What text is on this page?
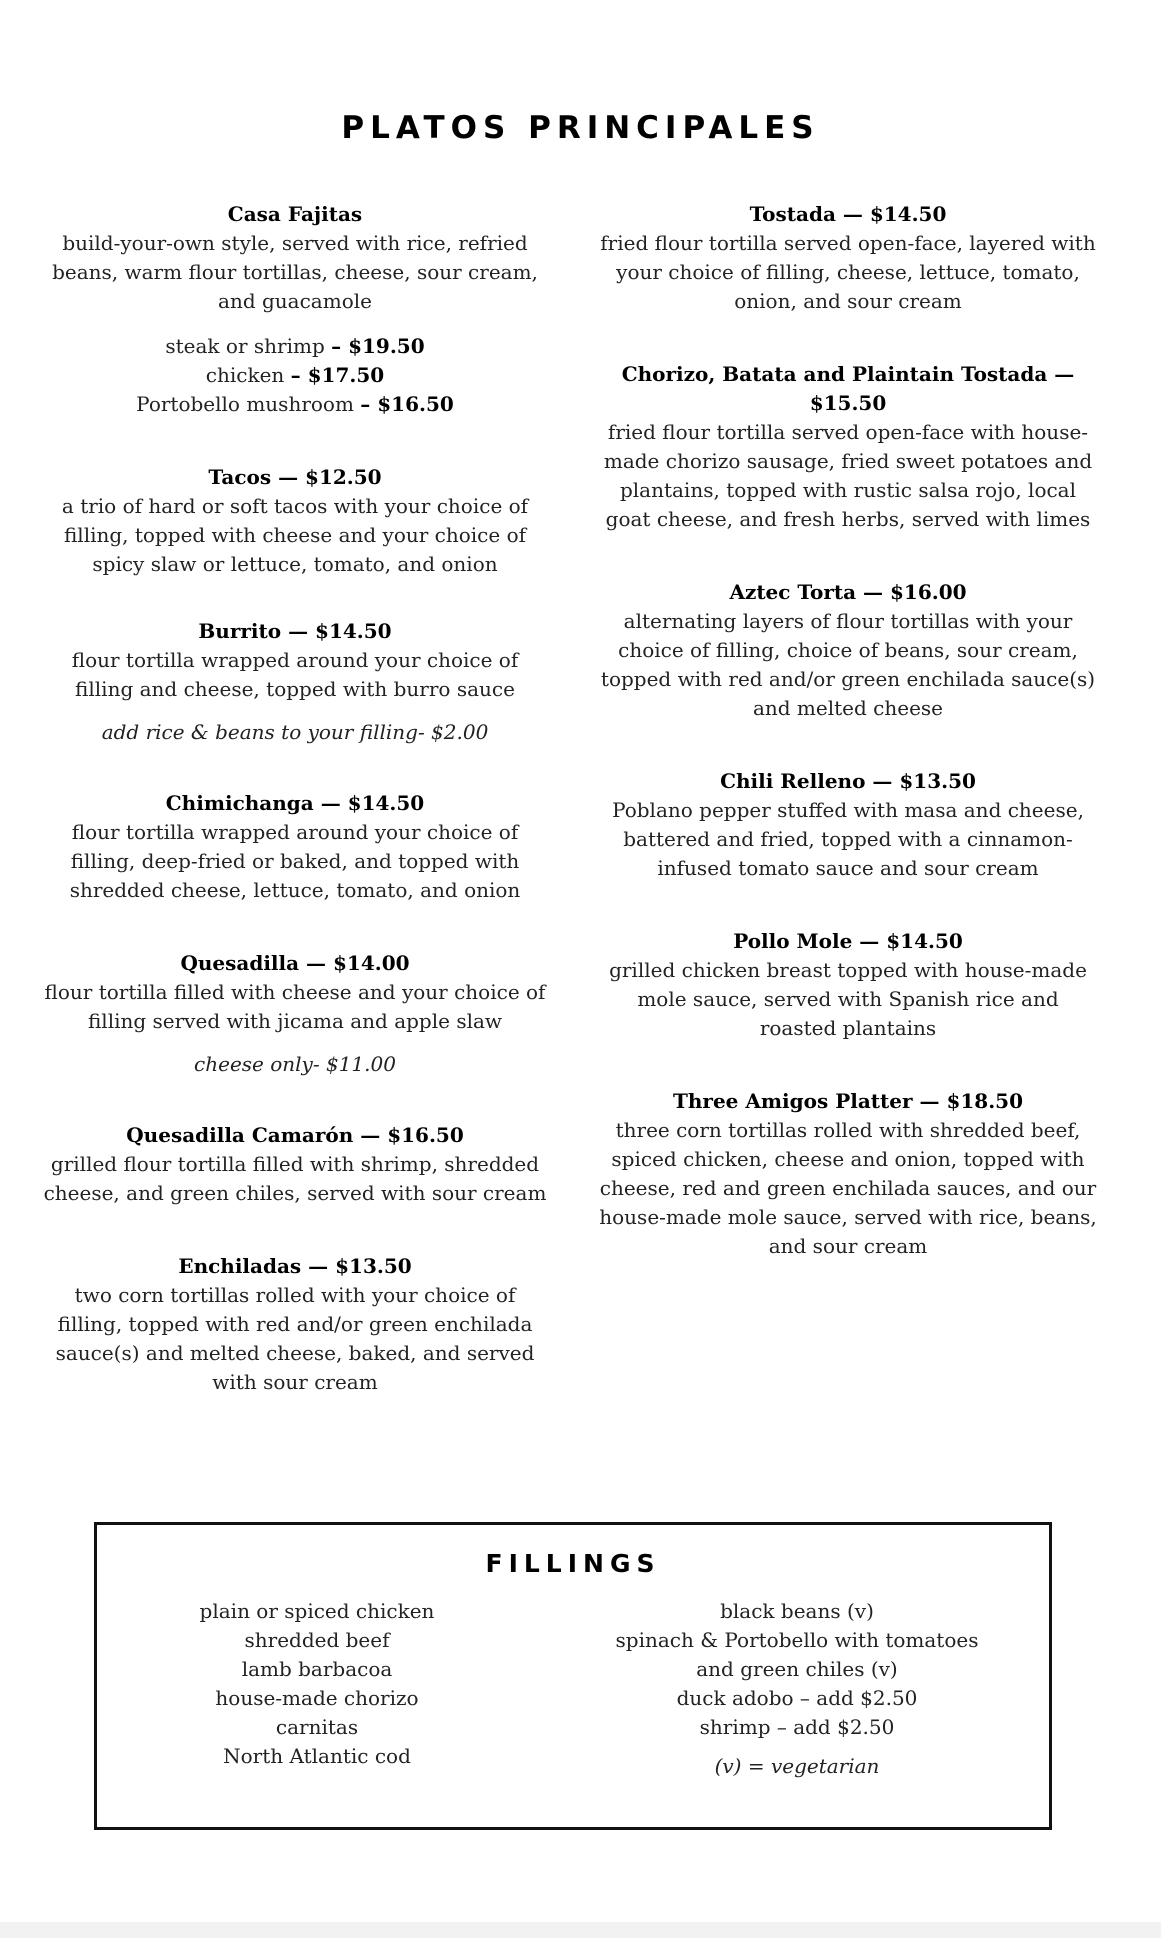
PLATOS PRINCIPALES
Casa Fajitas
build-your-own style, served with rice, refried beans, warm flour tortillas, cheese, sour cream, and guacamole
steak or shrimp – $19.50
chicken – $17.50
Portobello mushroom – $16.50
Tacos — $12.50
a trio of hard or soft tacos with your choice of filling, topped with cheese and your choice of spicy slaw or lettuce, tomato, and onion
Burrito — $14.50
flour tortilla wrapped around your choice of filling and cheese, topped with burro sauce
add rice & beans to your filling- $2.00
Chimichanga — $14.50
flour tortilla wrapped around your choice of filling, deep-fried or baked, and topped with shredded cheese, lettuce, tomato, and onion
Quesadilla — $14.00
flour tortilla filled with cheese and your choice of filling served with jicama and apple slaw
cheese only- $11.00
Quesadilla Camarón — $16.50
grilled flour tortilla filled with shrimp, shredded cheese, and green chiles, served with sour cream
Enchiladas — $13.50
two corn tortillas rolled with your choice of filling, topped with red and/or green enchilada sauce(s) and melted cheese, baked, and served with sour cream
Tostada — $14.50
fried flour tortilla served open-face, layered with your choice of filling, cheese, lettuce, tomato, onion, and sour cream
Chorizo, Batata and Plaintain Tostada — $15.50
fried flour tortilla served open-face with house-made chorizo sausage, fried sweet potatoes and plantains, topped with rustic salsa rojo, local goat cheese, and fresh herbs, served with limes
Aztec Torta — $16.00
alternating layers of flour tortillas with your choice of filling, choice of beans, sour cream, topped with red and/or green enchilada sauce(s) and melted cheese
Chili Relleno — $13.50
Poblano pepper stuffed with masa and cheese, battered and fried, topped with a cinnamon-infused tomato sauce and sour cream
Pollo Mole — $14.50
grilled chicken breast topped with house-made mole sauce, served with Spanish rice and roasted plantains
Three Amigos Platter — $18.50
three corn tortillas rolled with shredded beef, spiced chicken, cheese and onion, topped with cheese, red and green enchilada sauces, and our house-made mole sauce, served with rice, beans, and sour cream
FILLINGS
plain or spiced chicken
shredded beef
lamb barbacoa
house-made chorizo
carnitas
North Atlantic cod
black beans (v)
spinach & Portobello with tomatoes
and green chiles (v)
duck adobo – add $2.50
shrimp – add $2.50
(v) = vegetarian
